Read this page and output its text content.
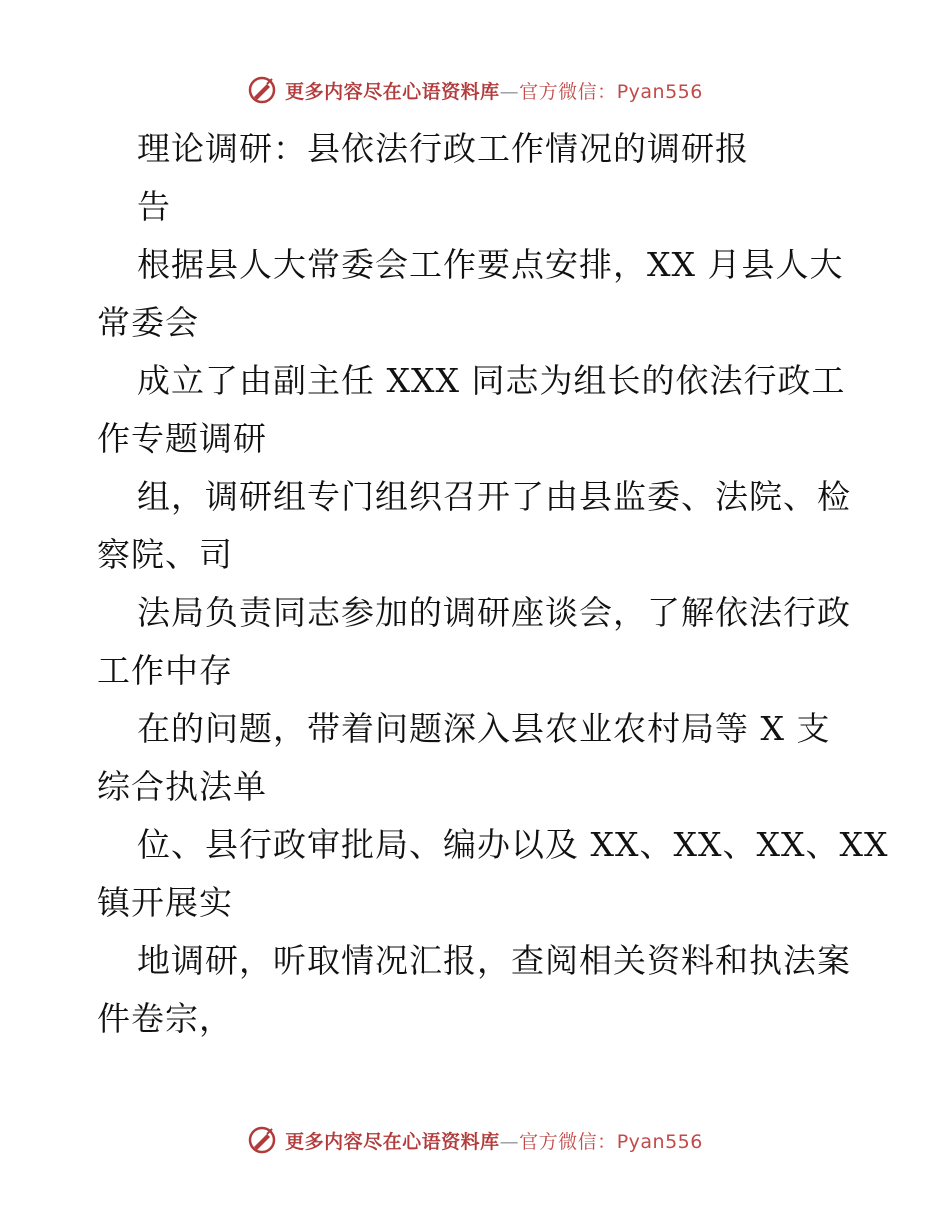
更多内容尽在心语资料库—官方微信：Pyan556

理论调研：县依法行政工作情况的调研报
告

根据县人大常委会工作要点安排，XX 月县人大
常委会

成立了由副主任 XXX 同志为组长的依法行政工
作专题调研

组，调研组专门组织召开了由县监委、法院、检
察院、司

法局负责同志参加的调研座谈会，了解依法行政
工作中存

在的问题，带着问题深入县农业农村局等 X 支
综合执法单

位、县行政审批局、编办以及 XX、XX、XX、XX
镇开展实

地调研，听取情况汇报，查阅相关资料和执法案
件卷宗，

更多内容尽在心语资料库—官方微信：Pyan556
